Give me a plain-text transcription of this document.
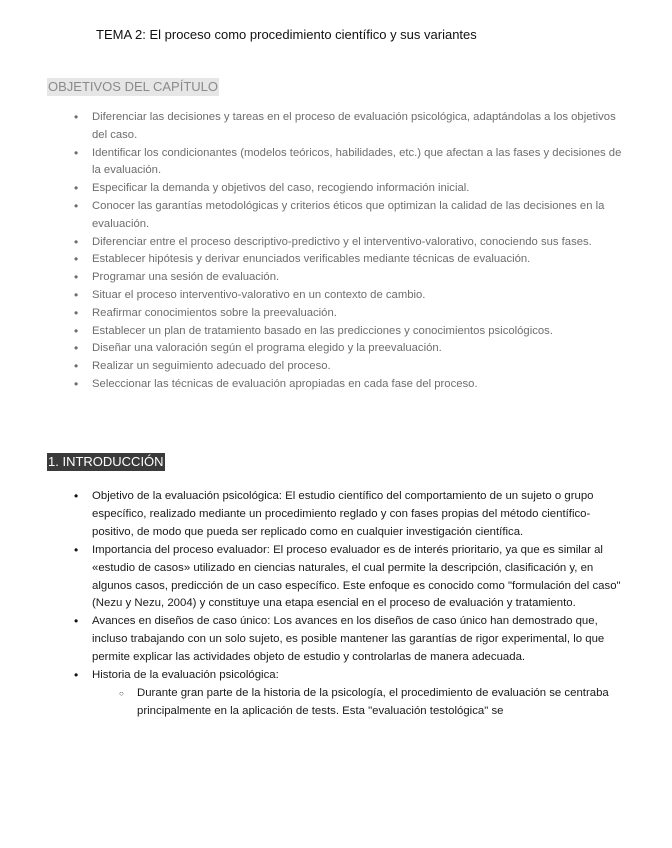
TEMA 2: El proceso como procedimiento científico y sus variantes
OBJETIVOS DEL CAPÍTULO
• Diferenciar las decisiones y tareas en el proceso de evaluación psicológica, adaptándolas a los objetivos del caso.
• Identificar los condicionantes (modelos teóricos, habilidades, etc.) que afectan a las fases y decisiones de la evaluación.
• Especificar la demanda y objetivos del caso, recogiendo información inicial.
• Conocer las garantías metodológicas y criterios éticos que optimizan la calidad de las decisiones en la evaluación.
• Diferenciar entre el proceso descriptivo-predictivo y el interventivo-valorativo, conociendo sus fases.
• Establecer hipótesis y derivar enunciados verificables mediante técnicas de evaluación.
• Programar una sesión de evaluación.
• Situar el proceso interventivo-valorativo en un contexto de cambio.
• Reafirmar conocimientos sobre la preevaluación.
• Establecer un plan de tratamiento basado en las predicciones y conocimientos psicológicos.
• Diseñar una valoración según el programa elegido y la preevaluación.
• Realizar un seguimiento adecuado del proceso.
• Seleccionar las técnicas de evaluación apropiadas en cada fase del proceso.
1. INTRODUCCIÓN
• Objetivo de la evaluación psicológica: El estudio científico del comportamiento de un sujeto o grupo específico, realizado mediante un procedimiento reglado y con fases propias del método científico-positivo, de modo que pueda ser replicado como en cualquier investigación científica.
• Importancia del proceso evaluador: El proceso evaluador es de interés prioritario, ya que es similar al «estudio de casos» utilizado en ciencias naturales, el cual permite la descripción, clasificación y, en algunos casos, predicción de un caso específico. Este enfoque es conocido como "formulación del caso" (Nezu y Nezu, 2004) y constituye una etapa esencial en el proceso de evaluación y tratamiento.
• Avances en diseños de caso único: Los avances en los diseños de caso único han demostrado que, incluso trabajando con un solo sujeto, es posible mantener las garantías de rigor experimental, lo que permite explicar las actividades objeto de estudio y controlarlas de manera adecuada.
• Historia de la evaluación psicológica:
○ Durante gran parte de la historia de la psicología, el procedimiento de evaluación se centraba principalmente en la aplicación de tests. Esta "evaluación testológica" se
